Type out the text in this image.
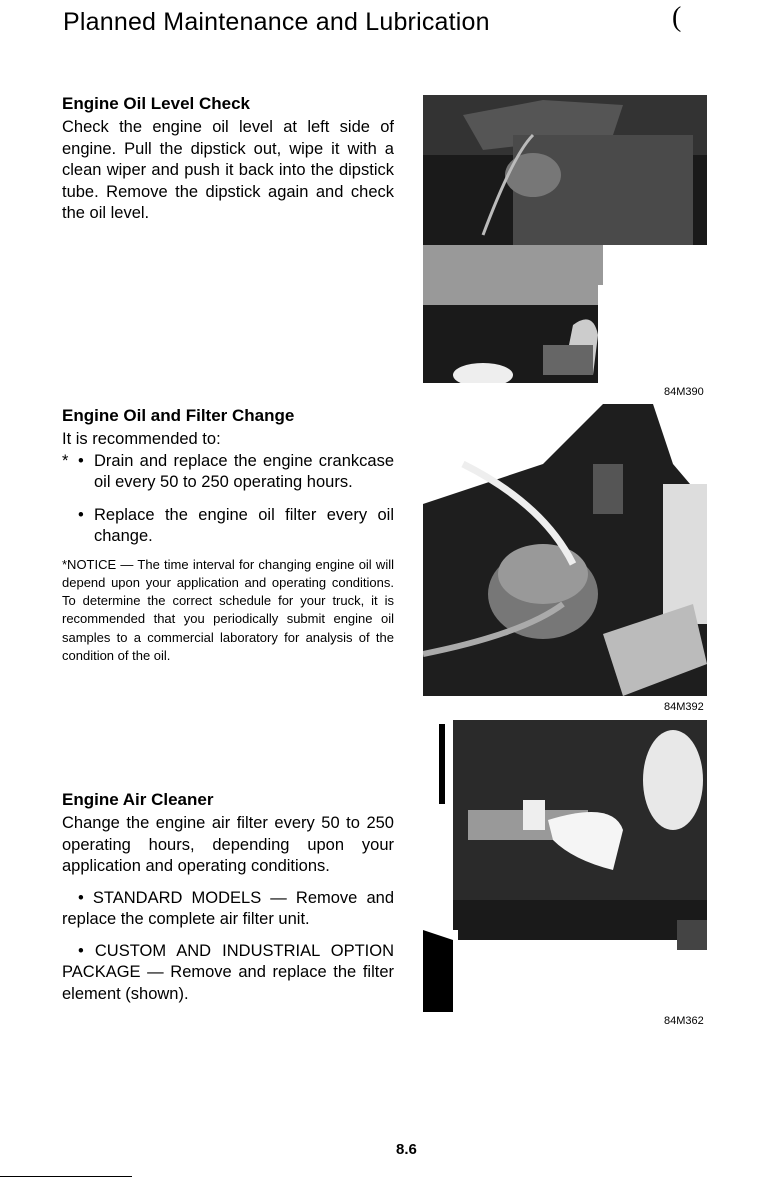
Planned Maintenance and Lubrication	(
Engine Oil Level Check

Check the engine oil level at left side of engine. Pull the dipstick out, wipe it with a clean wiper and push it back into the dipstick tube. Remove the dipstick again and check the oil level.

Engine Oil and Filter Change

It is recommended to:

* • Drain and replace the engine crankcase oil every 50 to 250 operating hours.
• Replace the engine oil filter every oil change.
*NOTICE — The time interval for changing engine oil will depend upon your application and operating conditions. To determine the correct schedule for your truck, it is recommended that you periodically submit engine oil samples to a commercial laboratory for analysis of the condition of the oil.
Engine Air Cleaner

Change the engine air filter every 50 to 250 operating hours, depending upon your application and operating conditions.

• STANDARD MODELS — Remove and replace the complete air filter unit.
• CUSTOM AND INDUSTRIAL OPTION PACKAGE — Remove and replace the filter element (shown).
84M390
84M392
84M362
8.6
